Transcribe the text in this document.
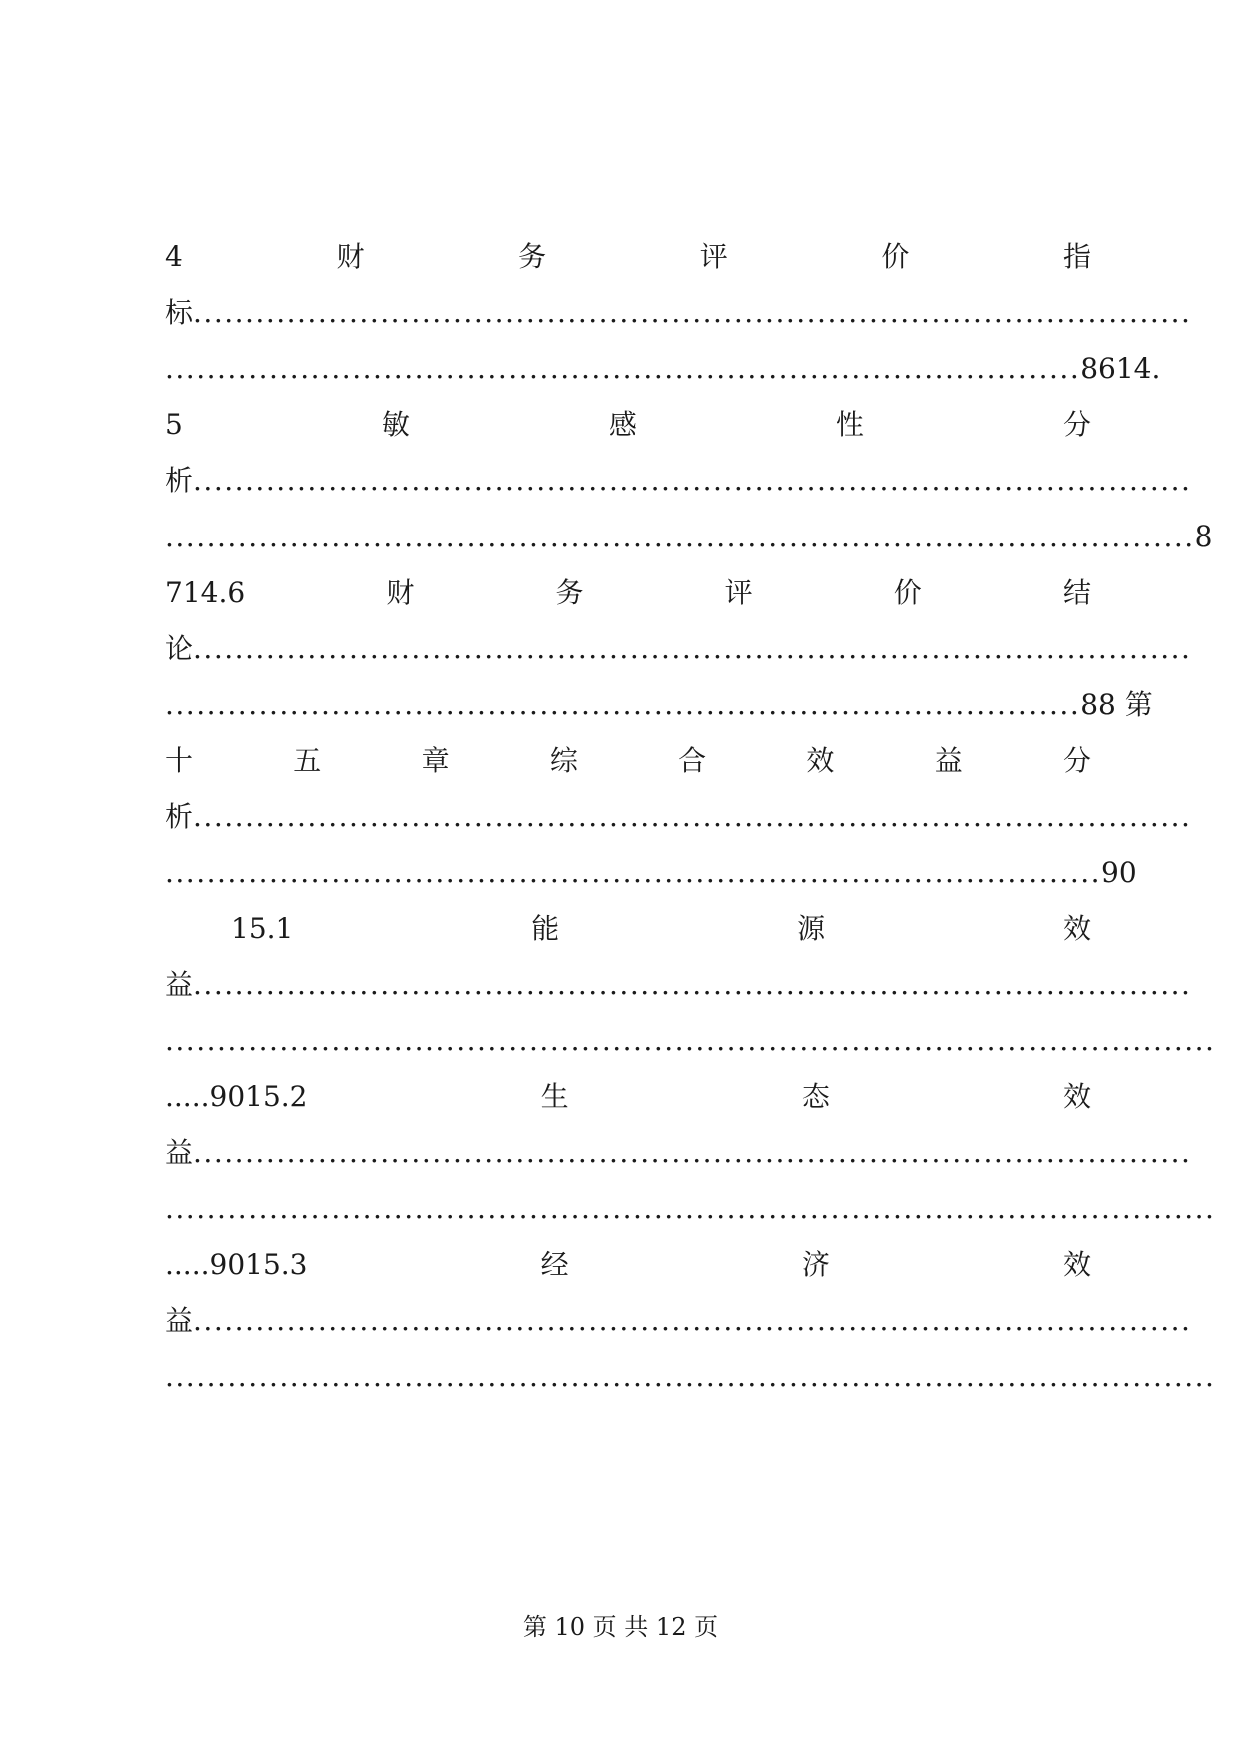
4	财	务	评	价	指
标................................................................................................
........................................................................................8614.
5	敏	感	性	分
析................................................................................................
...................................................................................................8
714.6	财	务	评	价	结
论................................................................................................
........................................................................................88 第
十	五	章	综	合	效	益	分
析................................................................................................
..........................................................................................90
15.1	能	源	效
益................................................................................................
.....................................................................................................
.....9015.2	生	态	效
益................................................................................................
.....................................................................................................
.....9015.3	经	济	效
益................................................................................................
.....................................................................................................
第 10 页 共 12 页
